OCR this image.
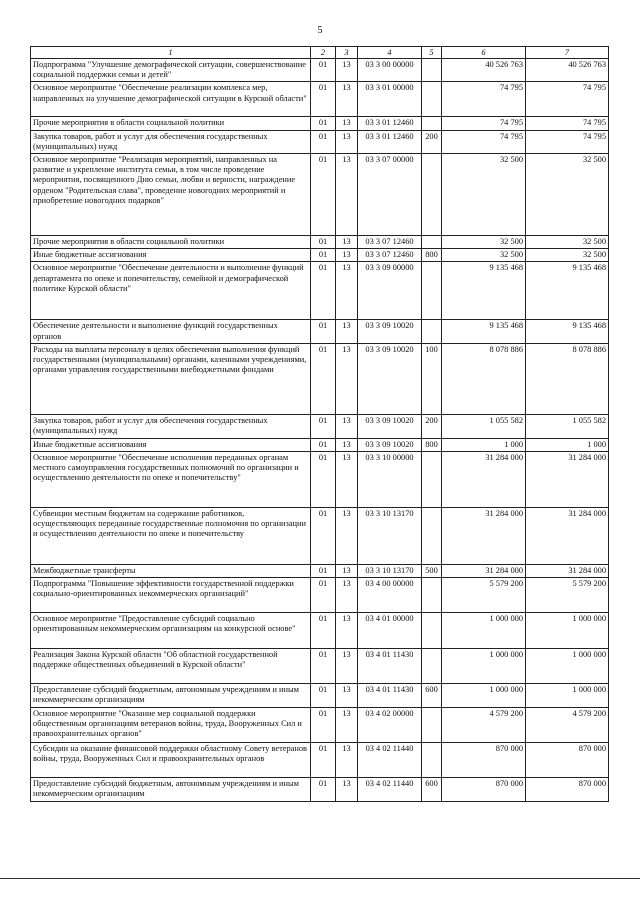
5
1	2	3	4	5	6	7
Подпрограмма "Улучшение демографической ситуации, совершенствование социальной поддержки семьи и детей"	01	13	03 3 00 00000		40 526 763	40 526 763
Основное мероприятие "Обеспечение реализации комплекса мер, направленных на улучшение демографической ситуации в Курской области"	01	13	03 3 01 00000		74 795	74 795
Прочие мероприятия в области социальной политики	01	13	03 3 01 12460		74 795	74 795
Закупка товаров, работ и услуг для обеспечения государственных (муниципальных) нужд	01	13	03 3 01 12460	200	74 795	74 795
Основное мероприятие "Реализация мероприятий, направленных на развитие и укрепление института семьи, в том числе проведение мероприятия, посвященного Дню семьи, любви и верности, награждение орденом "Родительская слава", проведение новогодних мероприятий и приобретение новогодних подарков"	01	13	03 3 07 00000		32 500	32 500
Прочие мероприятия в области социальной политики	01	13	03 3 07 12460		32 500	32 500
Иные бюджетные ассигнования	01	13	03 3 07 12460	800	32 500	32 500
Основное мероприятие "Обеспечение деятельности и выполнение функций департамента по опеке и попечительству, семейной и демографической политике Курской области"	01	13	03 3 09 00000		9 135 468	9 135 468
Обеспечение деятельности и выполнение функций государственных органов	01	13	03 3 09 10020		9 135 468	9 135 468
Расходы на выплаты персоналу в целях обеспечения выполнения функций государственными (муниципальными) органами, казенными учреждениями, органами управления государственными внебюджетными фондами	01	13	03 3 09 10020	100	8 078 886	8 078 886
Закупка товаров, работ и услуг для обеспечения государственных (муниципальных) нужд	01	13	03 3 09 10020	200	1 055 582	1 055 582
Иные бюджетные ассигнования	01	13	03 3 09 10020	800	1 000	1 000
Основное мероприятие "Обеспечение исполнения переданных органам местного самоуправления государственных полномочий по организации и осуществлению деятельности по опеке и попечительству"	01	13	03 3 10 00000		31 284 000	31 284 000
Субвенции местным бюджетам на содержание работников, осуществляющих переданные государственные полномочия по организации и осуществлению деятельности по опеке и попечительству	01	13	03 3 10 13170		31 284 000	31 284 000
Межбюджетные трансферты	01	13	03 3 10 13170	500	31 284 000	31 284 000
Подпрограмма "Повышение эффективности государственной поддержки социально-ориентированных некоммерческих организаций"	01	13	03 4 00 00000		5 579 200	5 579 200
Основное мероприятие "Предоставление субсидий социально ориентированным некоммерческим организациям на конкурсной основе"	01	13	03 4 01 00000		1 000 000	1 000 000
Реализация Закона Курской области "Об областной государственной поддержке общественных объединений в Курской области"	01	13	03 4 01 11430		1 000 000	1 000 000
Предоставление субсидий бюджетным, автономным учреждениям и иным некоммерческим организациям	01	13	03 4 01 11430	600	1 000 000	1 000 000
Основное мероприятие "Оказание мер социальной поддержки общественным организациям ветеранов войны, труда, Вооруженных Сил и правоохранительных органов"	01	13	03 4 02 00000		4 579 200	4 579 200
Субсидии на оказание финансовой поддержки областному Совету ветеранов войны, труда, Вооруженных Сил и правоохранительных органов	01	13	03 4 02 11440		870 000	870 000
Предоставление субсидий бюджетным, автономным учреждениям и иным некоммерческим организациям	01	13	03 4 02 11440	600	870 000	870 000
